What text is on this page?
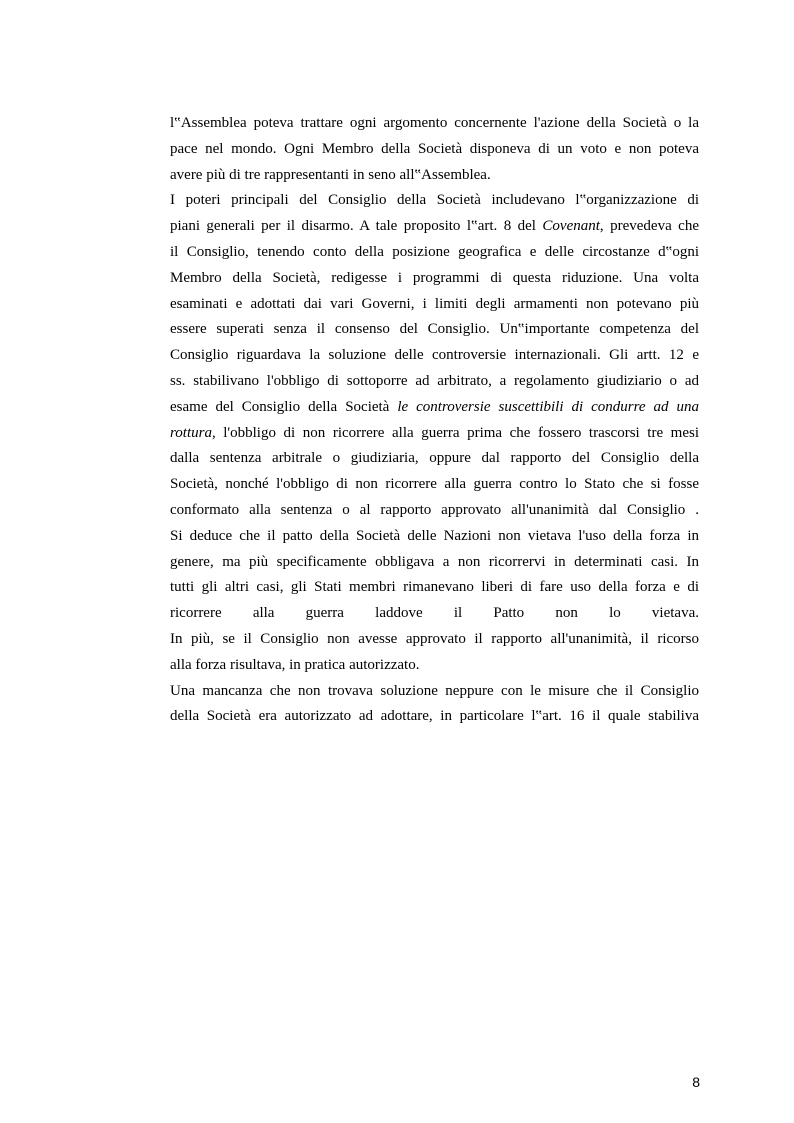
l‟Assemblea poteva trattare ogni argomento concernente l'azione della Società o la
pace nel mondo. Ogni Membro della Società disponeva di un voto e non poteva
avere più di tre rappresentanti in seno all‟Assemblea.
I poteri principali del Consiglio della Società includevano l‟organizzazione di
piani generali per il disarmo. A tale proposito l‟art. 8 del Covenant, prevedeva che
il Consiglio, tenendo conto della posizione geografica e delle circostanze d‟ogni
Membro della Società, redigesse i programmi di questa riduzione. Una volta
esaminati e adottati dai vari Governi, i limiti degli armamenti non potevano più
essere superati senza il consenso del Consiglio. Un‟importante competenza del
Consiglio riguardava la soluzione delle controversie internazionali. Gli artt. 12 e
ss. stabilivano l'obbligo di sottoporre ad arbitrato, a regolamento giudiziario o ad
esame del Consiglio della Società le controversie suscettibili di condurre ad una
rottura, l'obbligo di non ricorrere alla guerra prima che fossero trascorsi tre mesi
dalla sentenza arbitrale o giudiziaria, oppure dal rapporto del Consiglio della
Società, nonché l'obbligo di non ricorrere alla guerra contro lo Stato che si fosse
conformato alla sentenza o al rapporto approvato all'unanimità dal Consiglio .
Si deduce che il patto della Società delle Nazioni non vietava l'uso della forza in
genere, ma più specificamente obbligava a non ricorrervi in determinati casi. In
tutti gli altri casi, gli Stati membri rimanevano liberi di fare uso della forza e di
ricorrere alla guerra laddove il Patto non lo vietava.
In più, se il Consiglio non avesse approvato il rapporto all'unanimità, il ricorso
alla forza risultava, in pratica autorizzato.
Una mancanza che non trovava soluzione neppure con le misure che il Consiglio
della Società era autorizzato ad adottare, in particolare l‟art. 16 il quale stabiliva
8
